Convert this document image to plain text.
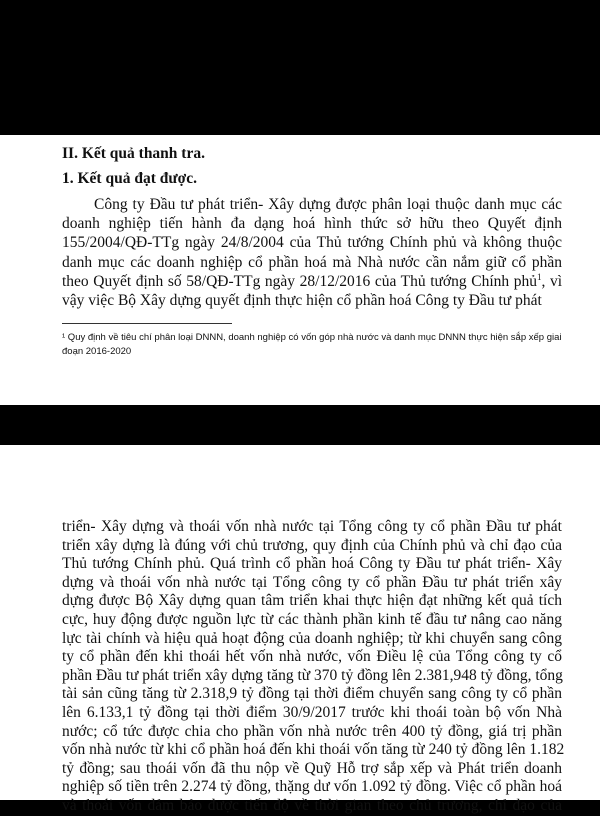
II. Kết quả thanh tra.
1. Kết quả đạt được.
Công ty Đầu tư phát triển- Xây dựng được phân loại thuộc danh mục các
doanh nghiệp tiến hành đa dạng hoá hình thức sở hữu theo Quyết định
155/2004/QĐ-TTg ngày 24/8/2004 của Thủ tướng Chính phủ và không thuộc
danh mục các doanh nghiệp cổ phần hoá mà Nhà nước cần nắm giữ cổ phần
theo Quyết định số 58/QĐ-TTg ngày 28/12/2016 của Thủ tướng Chính phủ$^1$, vì
vậy việc Bộ Xây dựng quyết định thực hiện cổ phần hoá Công ty Đầu tư phát
¹ Quy định về tiêu chí phân loại DNNN, doanh nghiệp có vốn góp nhà nước và danh mục DNNN thực hiện sắp xếp giai
đoạn 2016-2020
triển- Xây dựng và thoái vốn nhà nước tại Tổng công ty cổ phần Đầu tư phát
triển xây dựng là đúng với chủ trương, quy định của Chính phủ và chỉ đạo của
Thủ tướng Chính phủ. Quá trình cổ phần hoá Công ty Đầu tư phát triển- Xây
dựng và thoái vốn nhà nước tại Tổng công ty cổ phần Đầu tư phát triển xây
dựng được Bộ Xây dựng quan tâm triển khai thực hiện đạt những kết quả tích
cực, huy động được nguồn lực từ các thành phần kinh tế đầu tư nâng cao năng
lực tài chính và hiệu quả hoạt động của doanh nghiệp; từ khi chuyển sang công
ty cổ phần đến khi thoái hết vốn nhà nước, vốn Điều lệ của Tổng công ty cổ
phần Đầu tư phát triển xây dựng tăng từ 370 tỷ đồng lên 2.381,948 tỷ đồng, tổng
tài sản cũng tăng từ 2.318,9 tỷ đồng tại thời điểm chuyển sang công ty cổ phần
lên 6.133,1 tỷ đồng tại thời điểm 30/9/2017 trước khi thoái toàn bộ vốn Nhà
nước; cổ tức được chia cho phần vốn nhà nước trên 400 tỷ đồng, giá trị phần
vốn nhà nước từ khi cổ phần hoá đến khi thoái vốn tăng từ 240 tỷ đồng lên 1.182
tỷ đồng; sau thoái vốn đã thu nộp về Quỹ Hỗ trợ sắp xếp và Phát triển doanh
nghiệp số tiền trên 2.274 tỷ đồng, thặng dư vốn 1.092 tỷ đồng. Việc cổ phần hoá
và thoái vốn đảm bảo được tiến độ về thời gian theo chủ trương, chỉ đạo của
